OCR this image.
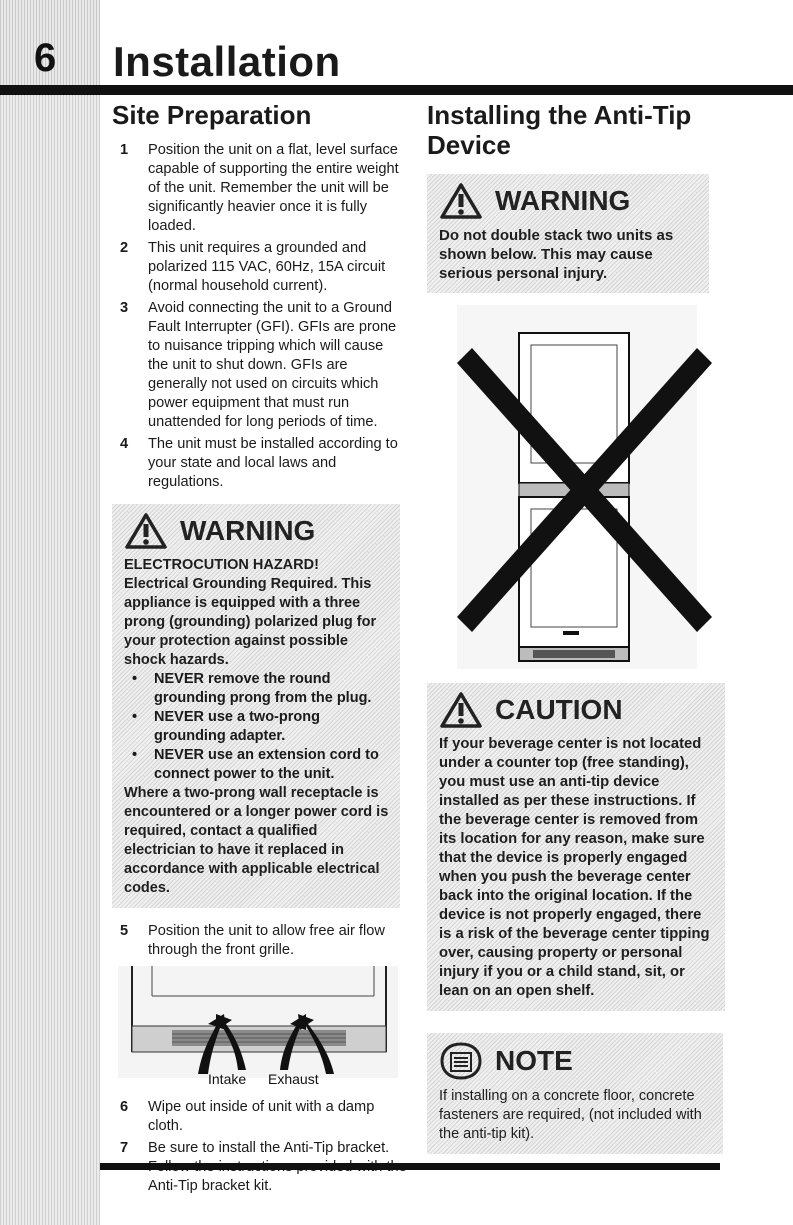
6 Installation
Site Preparation
1 Position the unit on a flat, level surface capable of supporting the entire weight of the unit. Remember the unit will be significantly heavier once it is fully loaded.
2 This unit requires a grounded and polarized 115 VAC, 60Hz, 15A circuit (normal household current).
3 Avoid connecting the unit to a Ground Fault Interrupter (GFI). GFIs are prone to nuisance tripping which will cause the unit to shut down. GFIs are generally not used on circuits which power equipment that must run unattended for long periods of time.
4 The unit must be installed according to your state and local laws and regulations.
WARNING
ELECTROCUTION HAZARD!
Electrical Grounding Required. This appliance is equipped with a three prong (grounding) polarized plug for your protection against possible shock hazards.
• NEVER remove the round grounding prong from the plug.
• NEVER use a two-prong grounding adapter.
• NEVER use an extension cord to connect power to the unit.
Where a two-prong wall receptacle is encountered or a longer power cord is required, contact a qualified electrician to have it replaced in accordance with applicable electrical codes.
5 Position the unit to allow free air flow through the front grille.
Intake Exhaust
6 Wipe out inside of unit with a damp cloth.
7 Be sure to install the Anti-Tip bracket. Anti-Tip bracket kit.
Installing the Anti-Tip
Device
WARNING
Do not double stack two units as shown below. This may cause serious personal injury.
CAUTION
If your beverage center is not located under a counter top (free standing), you must use an anti-tip device installed as per these instructions. If the beverage center is removed from its location for any reason, make sure that the device is properly engaged when you push the beverage center back into the original location. If the device is not properly engaged, there is a risk of the beverage center tipping over, causing property or personal injury if you or a child stand, sit, or lean on an open shelf.
NOTE
If installing on a concrete floor, concrete fasteners are required, (not included with the anti-tip kit).
